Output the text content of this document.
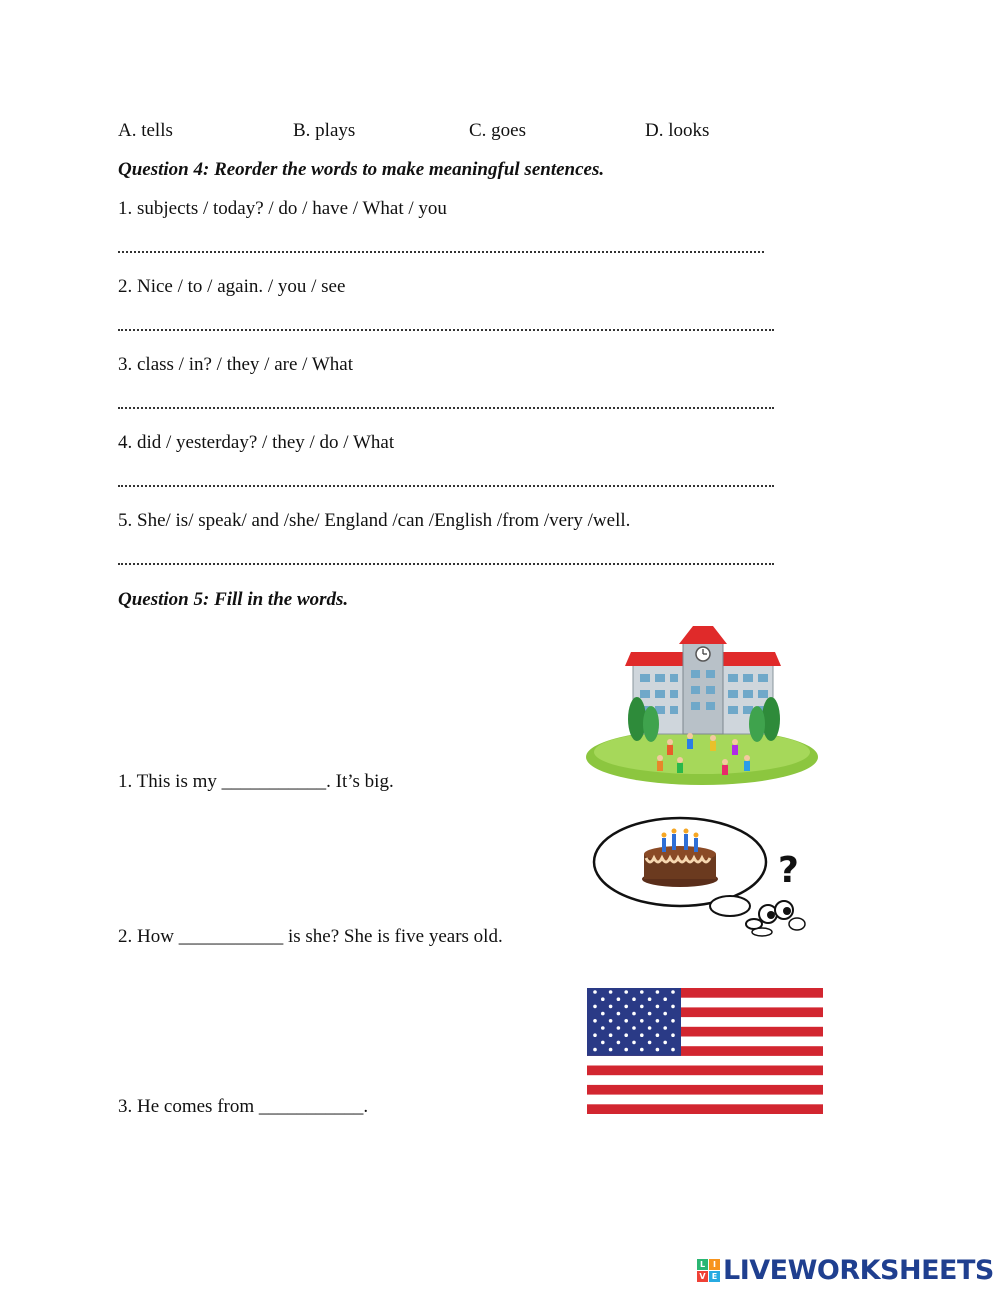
A. tells	B. plays	C. goes	D. looks
Question 4: Reorder the words to make meaningful sentences.
1. subjects / today? / do / have / What / you
2. Nice / to / again. / you / see
3. class / in? / they / are / What
4. did / yesterday? / they / do / What
5. She/ is/ speak/ and /she/ England /can /English /from /very /well.
Question 5: Fill in the words.
1. This is my ___________. It’s big.
2. How ___________ is she? She is five years old.
3. He comes from ___________.
?
L I
V E LIVEWORKSHEETS
